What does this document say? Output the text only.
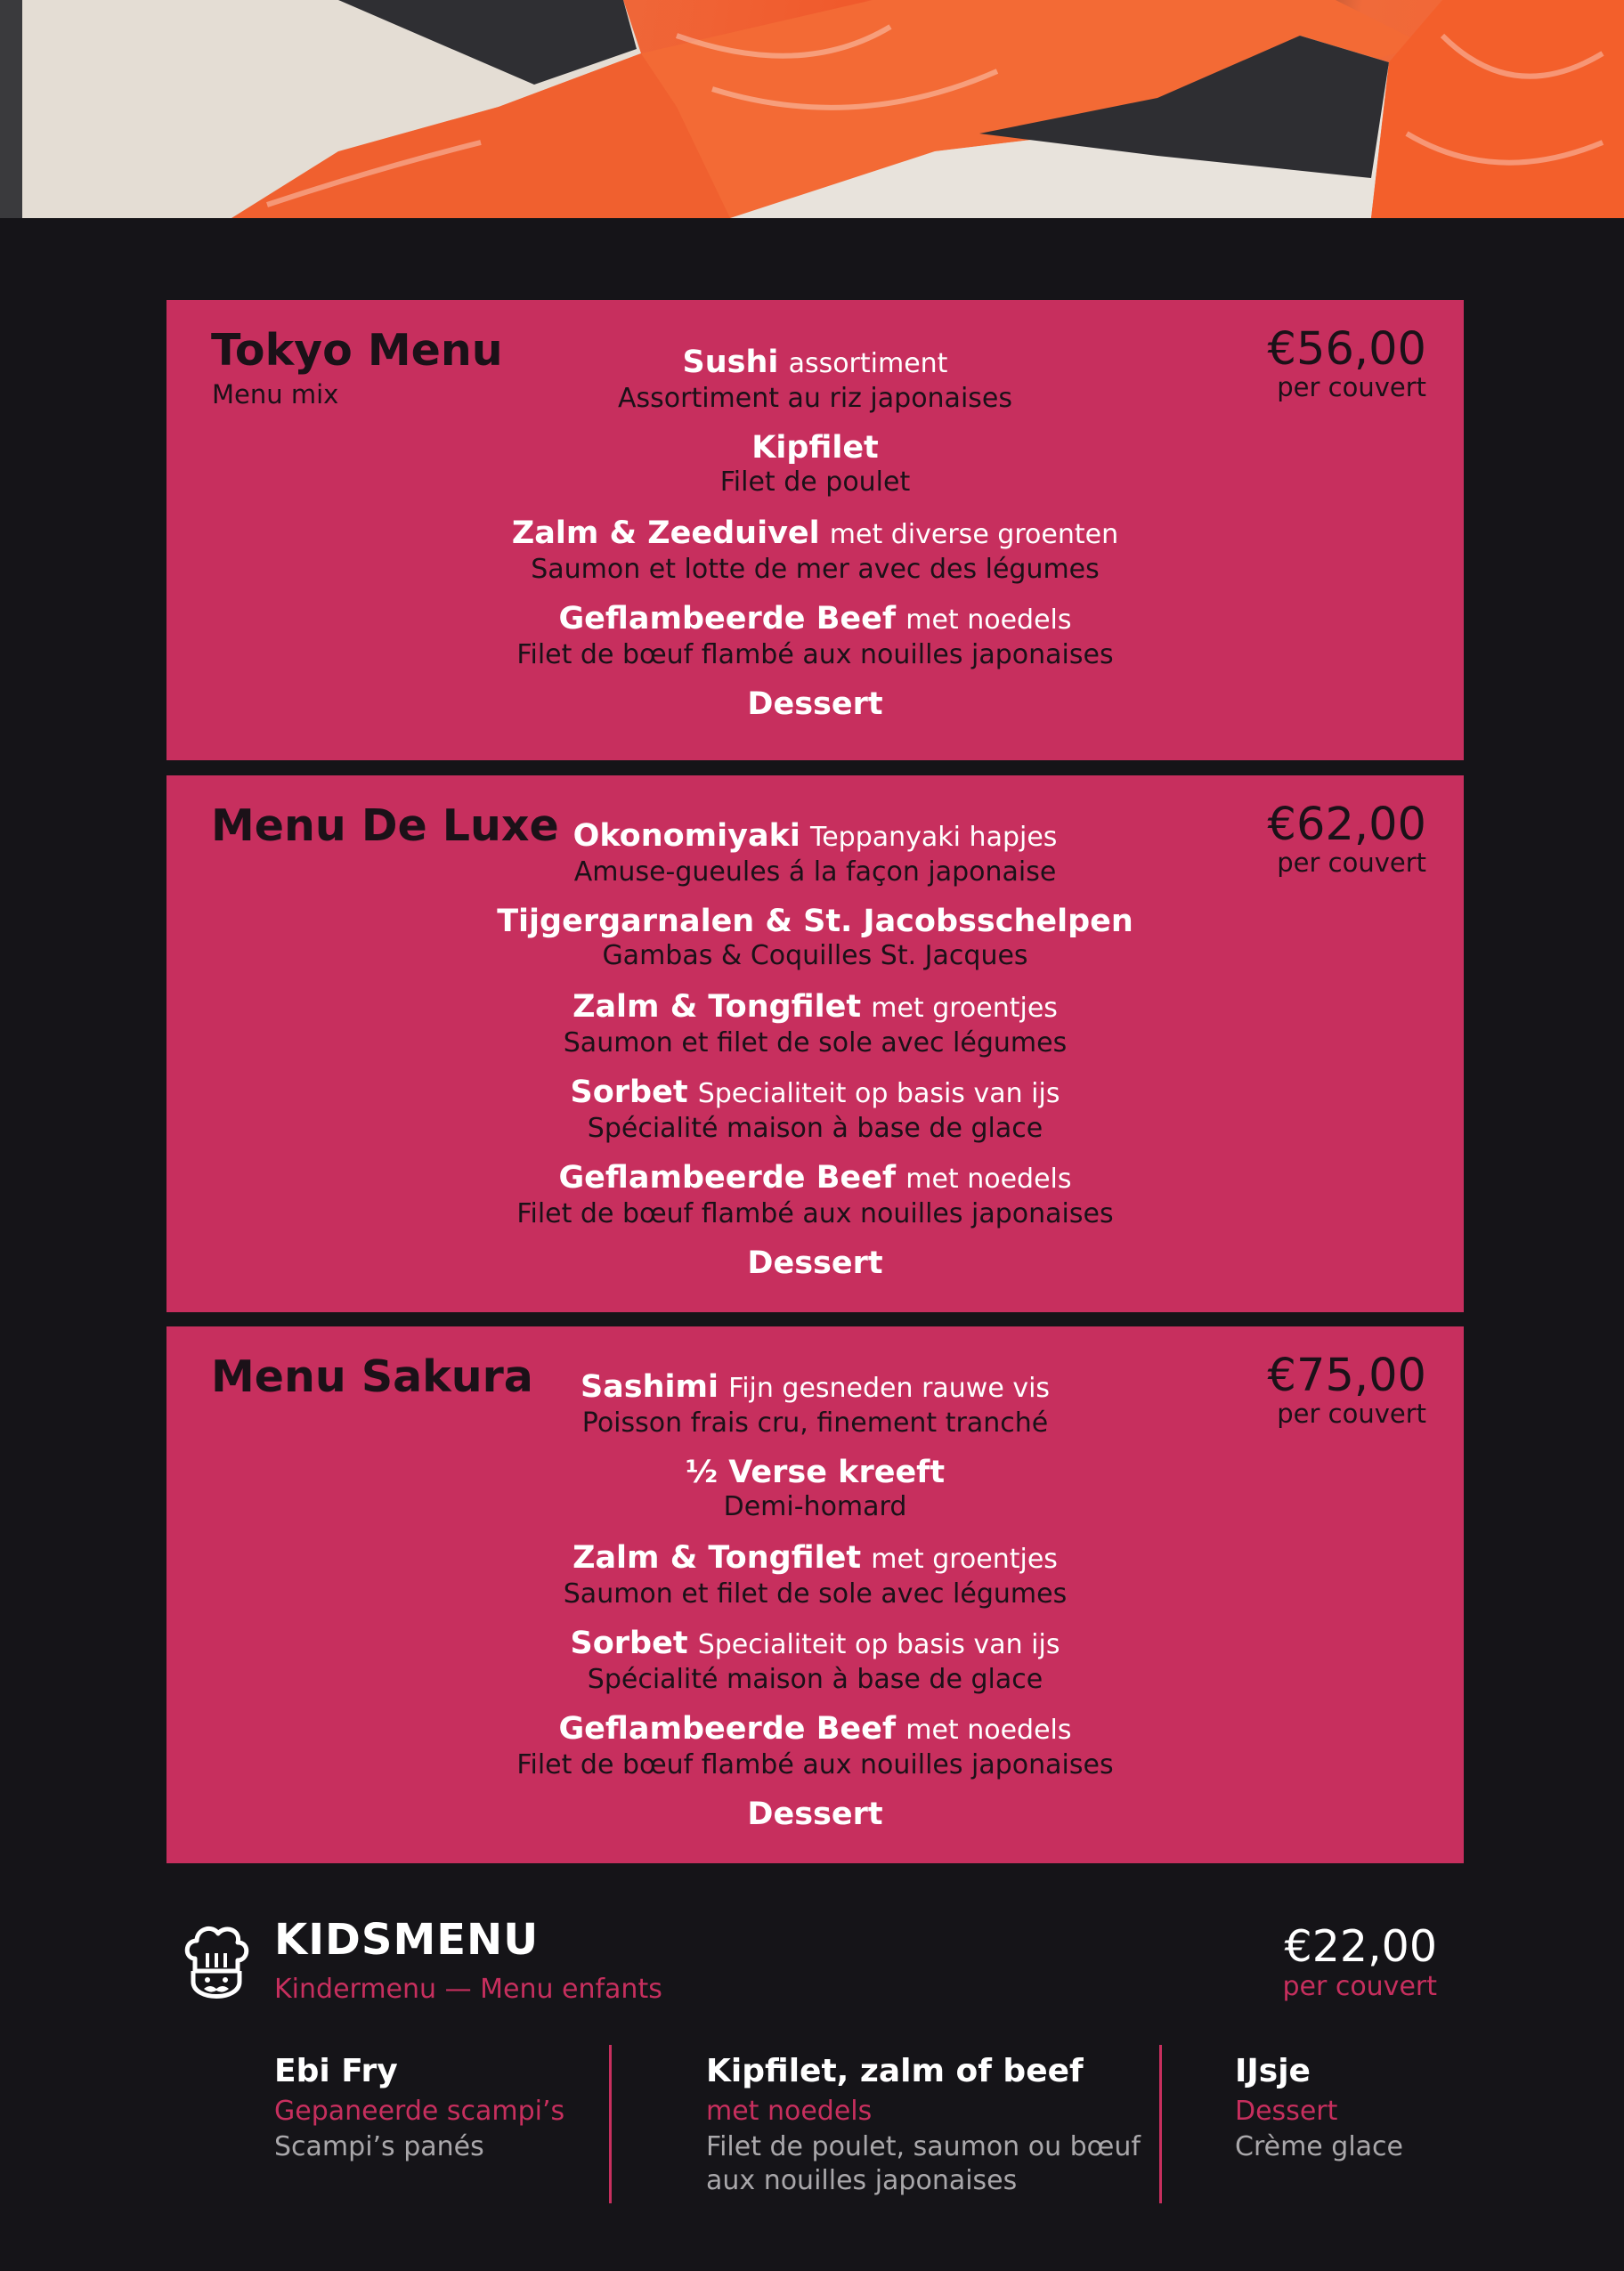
Tokyo Menu
Menu mix
€56,00
per couvert
Sushi assortiment
Assortiment au riz japonaises
Kipfilet
Filet de poulet
Zalm & Zeeduivel met diverse groenten
Saumon et lotte de mer avec des légumes
Geflambeerde Beef met noedels
Filet de bœuf flambé aux nouilles japonaises
Dessert
Menu De Luxe	€62,00
per couvert
Okonomiyaki Teppanyaki hapjes
Amuse-gueules á la façon japonaise
Tijgergarnalen & St. Jacobsschelpen
Gambas & Coquilles St. Jacques
Zalm & Tongfilet met groentjes
Saumon et filet de sole avec légumes
Sorbet Specialiteit op basis van ijs
Spécialité maison à base de glace
Geflambeerde Beef met noedels
Filet de bœuf flambé aux nouilles japonaises
Dessert
Menu Sakura	€75,00
per couvert
Sashimi Fijn gesneden rauwe vis
Poisson frais cru, finement tranché
½ Verse kreeft
Demi-homard
Zalm & Tongfilet met groentjes
Saumon et filet de sole avec légumes
Sorbet Specialiteit op basis van ijs
Spécialité maison à base de glace
Geflambeerde Beef met noedels
Filet de bœuf flambé aux nouilles japonaises
Dessert
KIDSMENU
Kindermenu — Menu enfants
€22,00
per couvert
Ebi Fry
Gepaneerde scampi’s
Scampi’s panés
Kipfilet, zalm of beef
met noedels
Filet de poulet, saumon ou bœuf
aux nouilles japonaises
IJsje
Dessert
Crème glace
